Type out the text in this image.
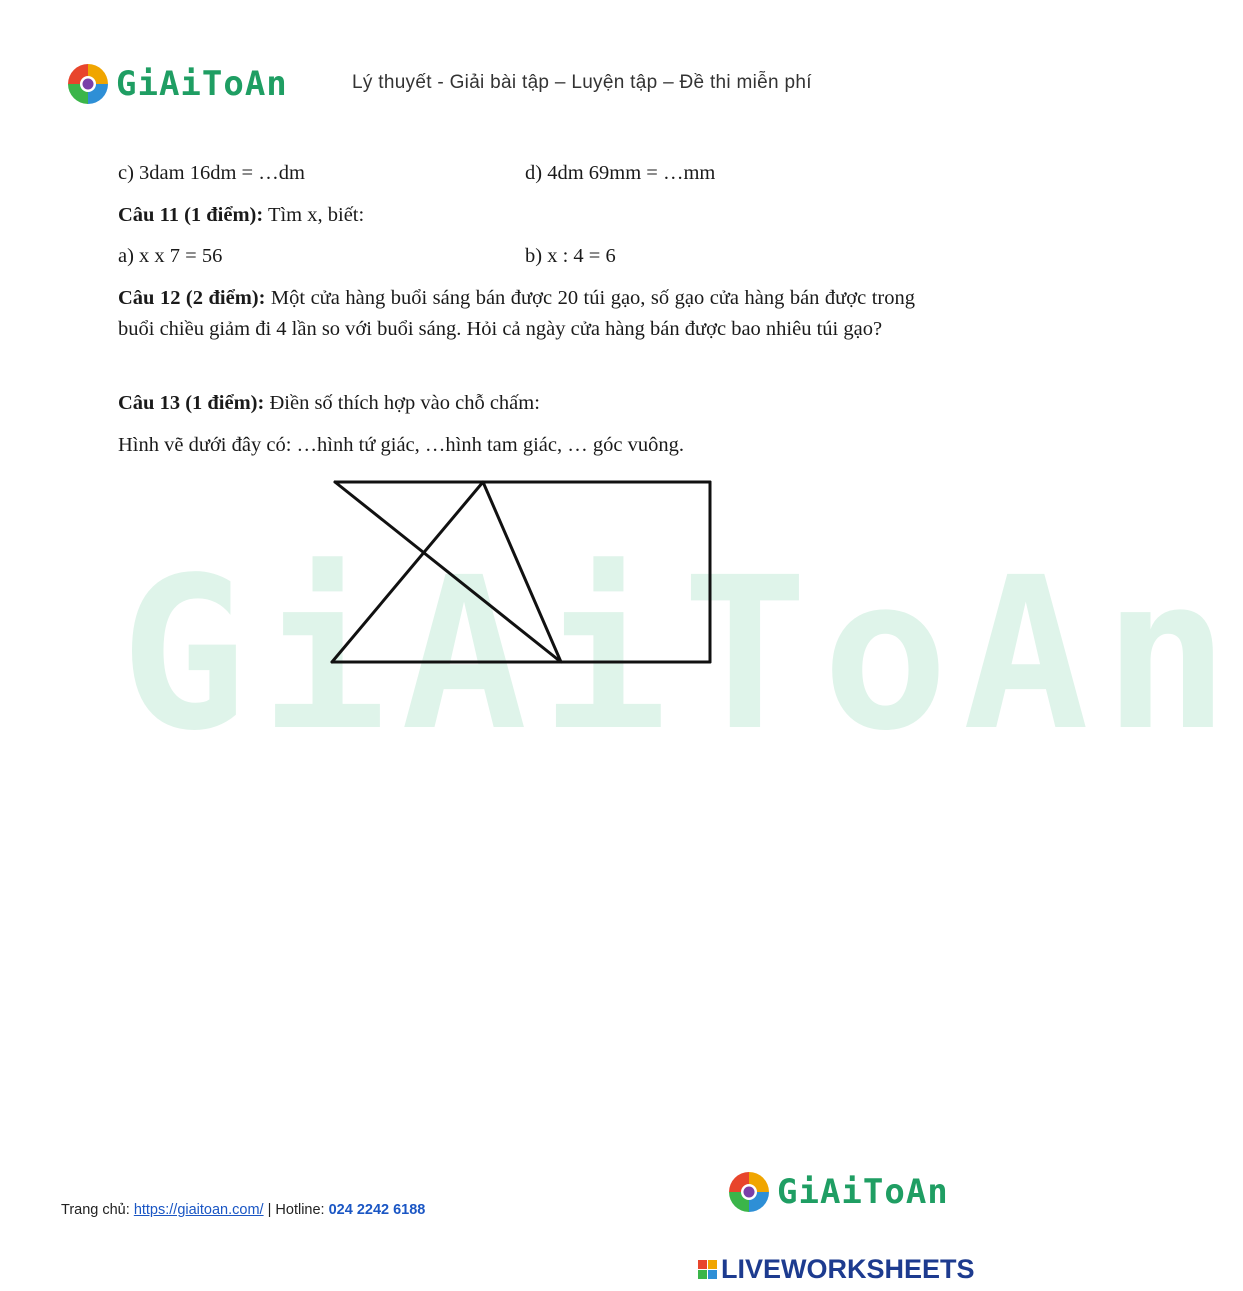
GiAiToAn	Lý thuyết - Giải bài tập – Luyện tập – Đề thi miễn phí
GiAiToAn
c) 3dam 16dm = …dm	d) 4dm 69mm = …mm
Câu 11 (1 điểm): Tìm x, biết:
a) x x 7 = 56	b) x : 4 = 6
Câu 12 (2 điểm): Một cửa hàng buổi sáng bán được 20 túi gạo, số gạo cửa hàng bán được trong buổi chiều giảm đi 4 lần so với buổi sáng. Hỏi cả ngày cửa hàng bán được bao nhiêu túi gạo?
Câu 13 (1 điểm): Điền số thích hợp vào chỗ chấm:
Hình vẽ dưới đây có: …hình tứ giác, …hình tam giác, … góc vuông.
Trang chủ: https://giaitoan.com/ | Hotline: 024 2242 6188	GiAiToAn
LIVEWORKSHEETS
